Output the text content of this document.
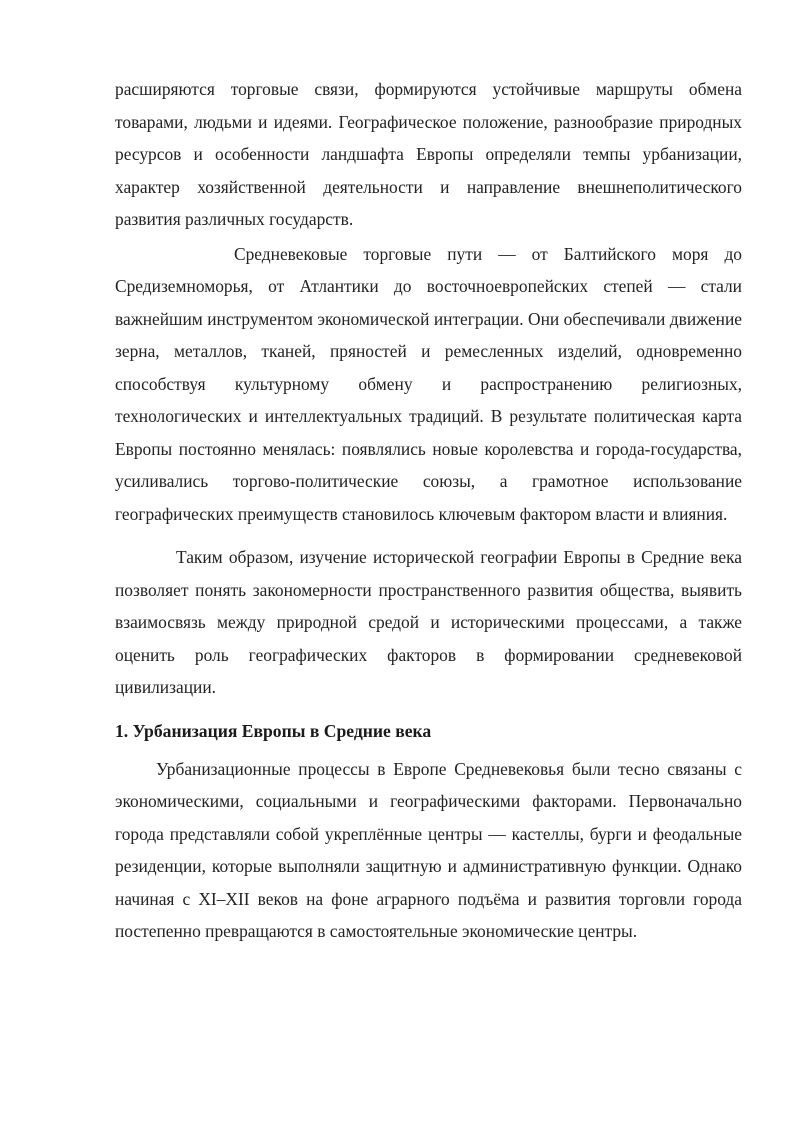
расширяются торговые связи, формируются устойчивые маршруты обмена товарами, людьми и идеями. Географическое положение, разнообразие природных ресурсов и особенности ландшафта Европы определяли темпы урбанизации, характер хозяйственной деятельности и направление внешнеполитического развития различных государств.

Средневековые торговые пути — от Балтийского моря до Средиземноморья, от Атлантики до восточноевропейских степей — стали важнейшим инструментом экономической интеграции. Они обеспечивали движение зерна, металлов, тканей, пряностей и ремесленных изделий, одновременно способствуя культурному обмену и распространению религиозных, технологических и интеллектуальных традиций. В результате политическая карта Европы постоянно менялась: появлялись новые королевства и города-государства, усиливались торгово-политические союзы, а грамотное использование географических преимуществ становилось ключевым фактором власти и влияния.

Таким образом, изучение исторической географии Европы в Средние века позволяет понять закономерности пространственного развития общества, выявить взаимосвязь между природной средой и историческими процессами, а также оценить роль географических факторов в формировании средневековой цивилизации.

1. Урбанизация Европы в Средние века

Урбанизационные процессы в Европе Средневековья были тесно связаны с экономическими, социальными и географическими факторами. Первоначально города представляли собой укреплённые центры — кастеллы, бурги и феодальные резиденции, которые выполняли защитную и административную функции. Однако начиная с XI–XII веков на фоне аграрного подъёма и развития торговли города постепенно превращаются в самостоятельные экономические центры.
